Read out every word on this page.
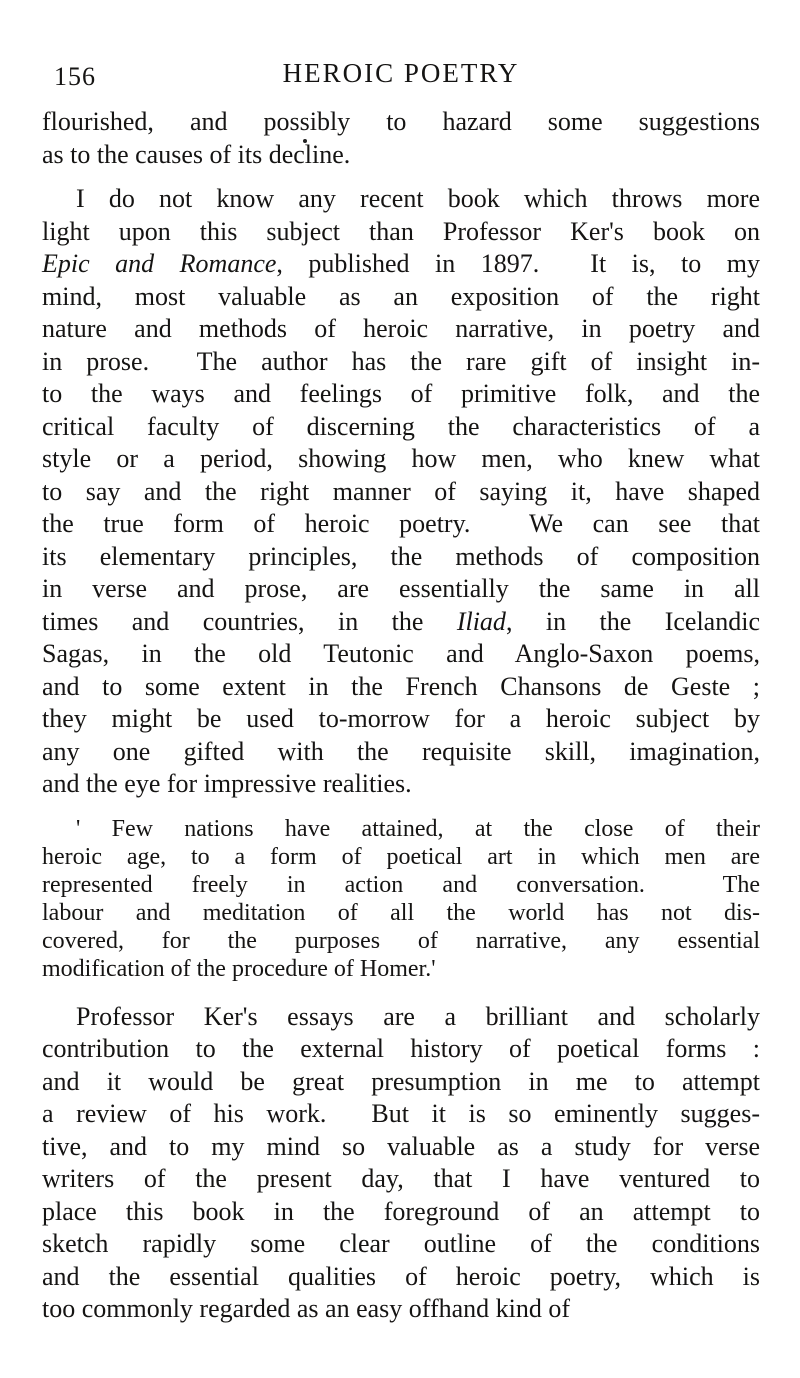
156	HEROIC POETRY
flourished, and possibly to hazard some suggestions
as to the causes of its decline.
I do not know any recent book which throws more
light upon this subject than Professor Ker's book on
Epic and Romance, published in 1897.  It is, to my
mind, most valuable as an exposition of the right
nature and methods of heroic narrative, in poetry and
in prose.  The author has the rare gift of insight in-
to the ways and feelings of primitive folk, and the
critical faculty of discerning the characteristics of a
style or a period, showing how men, who knew what
to say and the right manner of saying it, have shaped
the true form of heroic poetry.  We can see that
its elementary principles, the methods of composition
in verse and prose, are essentially the same in all
times and countries, in the Iliad, in the Icelandic
Sagas, in the old Teutonic and Anglo-Saxon poems,
and to some extent in the French Chansons de Geste ;
they might be used to-morrow for a heroic subject by
any one gifted with the requisite skill, imagination,
and the eye for impressive realities.
' Few nations have attained, at the close of their
heroic age, to a form of poetical art in which men are
represented freely in action and conversation.  The
labour and meditation of all the world has not dis-
covered, for the purposes of narrative, any essential
modification of the procedure of Homer.'
Professor Ker's essays are a brilliant and scholarly
contribution to the external history of poetical forms :
and it would be great presumption in me to attempt
a review of his work.  But it is so eminently sugges-
tive, and to my mind so valuable as a study for verse
writers of the present day, that I have ventured to
place this book in the foreground of an attempt to
sketch rapidly some clear outline of the conditions
and the essential qualities of heroic poetry, which is
too commonly regarded as an easy offhand kind of
